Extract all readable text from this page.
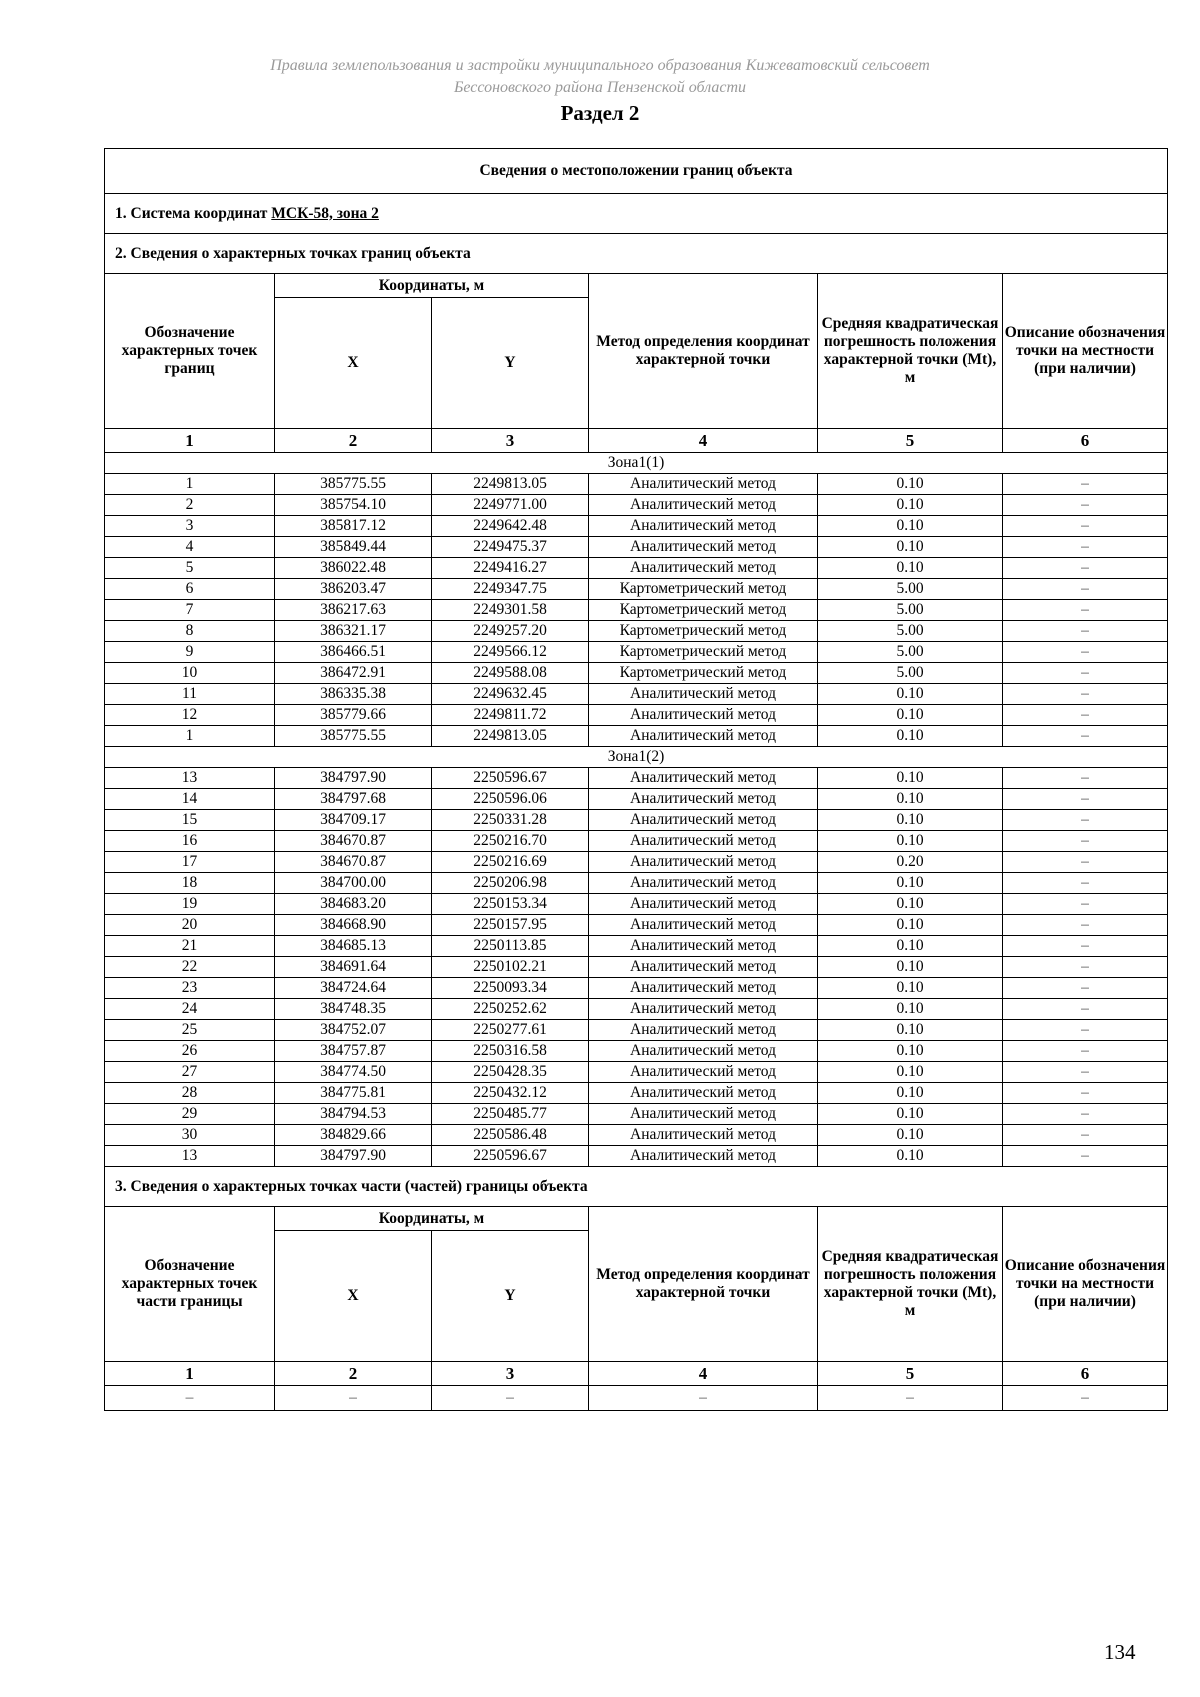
Правила землепользования и застройки муниципального образования Кижеватовский сельсовет
Бессоновского района Пензенской области
Раздел 2
Сведения о местоположении границ объекта					
1. Система координат МСК-58, зона 2					
2. Сведения о характерных точках границ объекта					
Обозначение характерных точек границ	Координаты, м		Метод определения координат характерной точки	Средняя квадратическая погрешность положения характерной точки (Mt), м	Описание обозначения точки на местности (при наличии)
	X	Y			
1	2	3	4	5	6
Зона1(1)					
1	385775.55	2249813.05	Аналитический метод	0.10	–
2	385754.10	2249771.00	Аналитический метод	0.10	–
3	385817.12	2249642.48	Аналитический метод	0.10	–
4	385849.44	2249475.37	Аналитический метод	0.10	–
5	386022.48	2249416.27	Аналитический метод	0.10	–
6	386203.47	2249347.75	Картометрический метод	5.00	–
7	386217.63	2249301.58	Картометрический метод	5.00	–
8	386321.17	2249257.20	Картометрический метод	5.00	–
9	386466.51	2249566.12	Картометрический метод	5.00	–
10	386472.91	2249588.08	Картометрический метод	5.00	–
11	386335.38	2249632.45	Аналитический метод	0.10	–
12	385779.66	2249811.72	Аналитический метод	0.10	–
1	385775.55	2249813.05	Аналитический метод	0.10	–
Зона1(2)					
13	384797.90	2250596.67	Аналитический метод	0.10	–
14	384797.68	2250596.06	Аналитический метод	0.10	–
15	384709.17	2250331.28	Аналитический метод	0.10	–
16	384670.87	2250216.70	Аналитический метод	0.10	–
17	384670.87	2250216.69	Аналитический метод	0.20	–
18	384700.00	2250206.98	Аналитический метод	0.10	–
19	384683.20	2250153.34	Аналитический метод	0.10	–
20	384668.90	2250157.95	Аналитический метод	0.10	–
21	384685.13	2250113.85	Аналитический метод	0.10	–
22	384691.64	2250102.21	Аналитический метод	0.10	–
23	384724.64	2250093.34	Аналитический метод	0.10	–
24	384748.35	2250252.62	Аналитический метод	0.10	–
25	384752.07	2250277.61	Аналитический метод	0.10	–
26	384757.87	2250316.58	Аналитический метод	0.10	–
27	384774.50	2250428.35	Аналитический метод	0.10	–
28	384775.81	2250432.12	Аналитический метод	0.10	–
29	384794.53	2250485.77	Аналитический метод	0.10	–
30	384829.66	2250586.48	Аналитический метод	0.10	–
13	384797.90	2250596.67	Аналитический метод	0.10	–
3. Сведения о характерных точках части (частей) границы объекта					
Обозначение характерных точек части границы	Координаты, м		Метод определения координат характерной точки	Средняя квадратическая погрешность положения характерной точки (Mt), м	Описание обозначения точки на местности (при наличии)
	X	Y			
1	2	3	4	5	6
–	–	–	–	–	–
134
